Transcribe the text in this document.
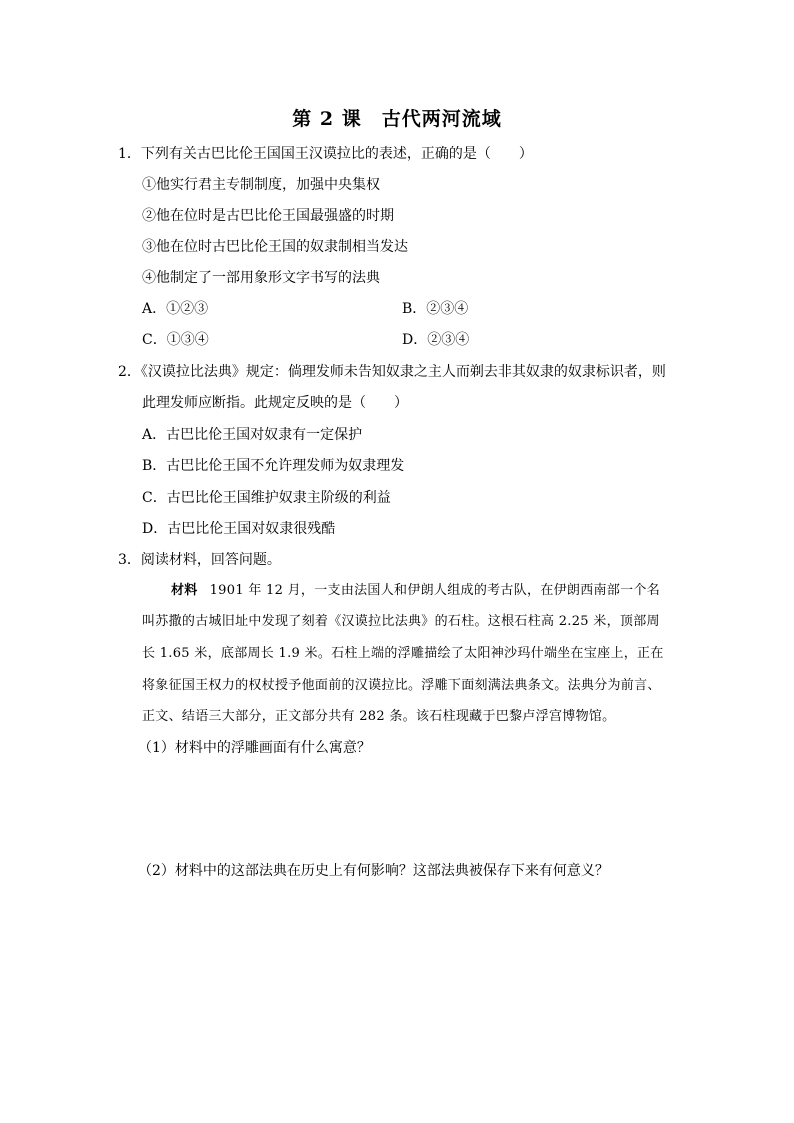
第 2 课　古代两河流域
1．下列有关古巴比伦王国国王汉谟拉比的表述，正确的是（　　）
①他实行君主专制制度，加强中央集权
②他在位时是古巴比伦王国最强盛的时期
③他在位时古巴比伦王国的奴隶制相当发达
④他制定了一部用象形文字书写的法典
A．①②③	B．②③④
C．①③④	D．②③④
2．《汉谟拉比法典》规定：倘理发师未告知奴隶之主人而剃去非其奴隶的奴隶标识者，则
此理发师应断指。此规定反映的是（　　）
A．古巴比伦王国对奴隶有一定保护
B．古巴比伦王国不允许理发师为奴隶理发
C．古巴比伦王国维护奴隶主阶级的利益
D．古巴比伦王国对奴隶很残酷
3．阅读材料，回答问题。
材料 1901 年 12 月，一支由法国人和伊朗人组成的考古队，在伊朗西南部一个名
叫苏撒的古城旧址中发现了刻着《汉谟拉比法典》的石柱。这根石柱高 2.25 米，顶部周
长 1.65 米，底部周长 1.9 米。石柱上端的浮雕描绘了太阳神沙玛什端坐在宝座上，正在
将象征国王权力的权杖授予他面前的汉谟拉比。浮雕下面刻满法典条文。法典分为前言、
正文、结语三大部分，正文部分共有 282 条。该石柱现藏于巴黎卢浮宫博物馆。
（1）材料中的浮雕画面有什么寓意？
（2）材料中的这部法典在历史上有何影响？这部法典被保存下来有何意义？
